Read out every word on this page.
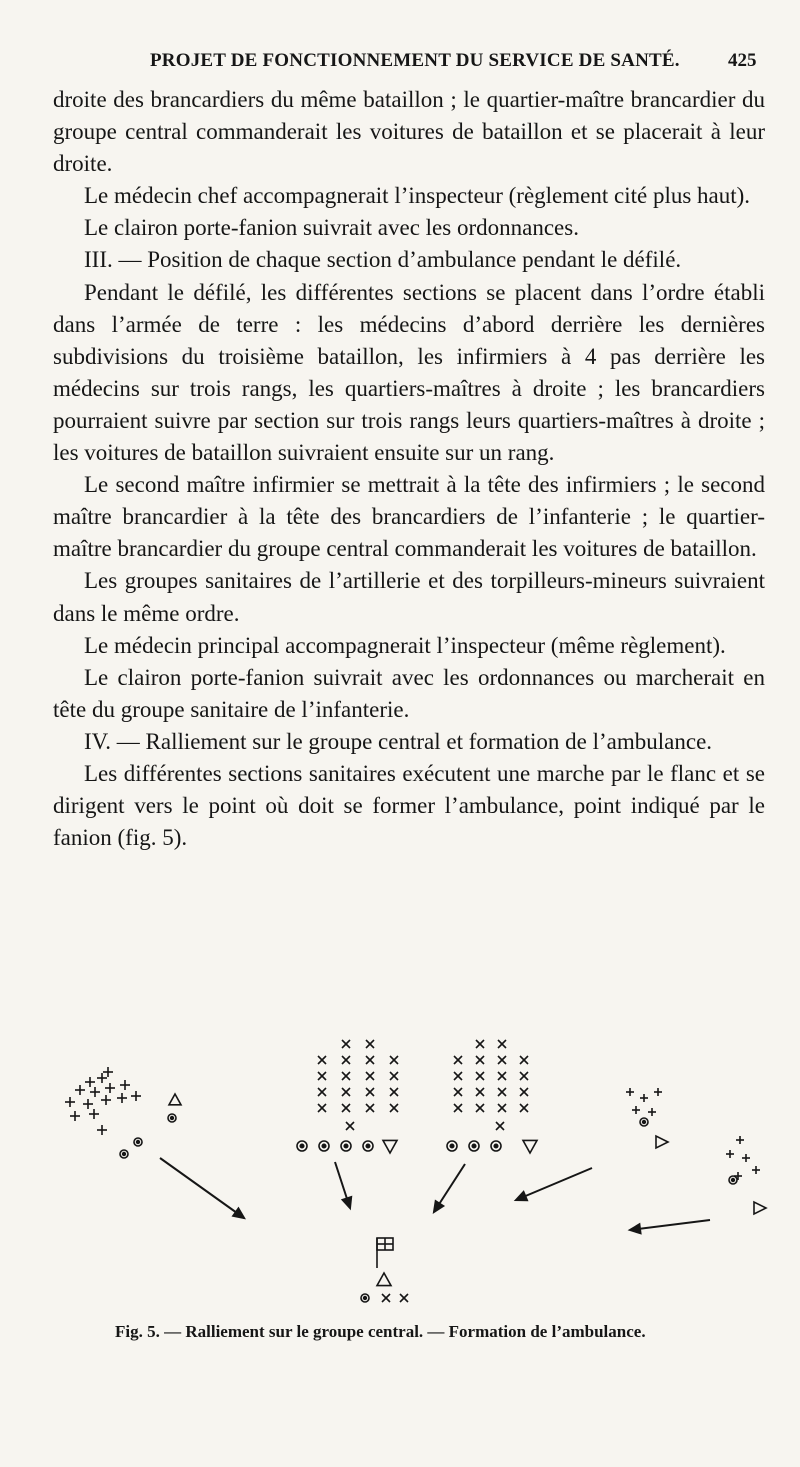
PROJET DE FONCTIONNEMENT DU SERVICE DE SANTÉ.	425

droite des brancardiers du même bataillon ; le quartier-maître brancardier du groupe central commanderait les voitures de bataillon et se placerait à leur droite.

Le médecin chef accompagnerait l’inspecteur (règlement cité plus haut).

Le clairon porte-fanion suivrait avec les ordonnances.

III. — Position de chaque section d’ambulance pendant le défilé.

Pendant le défilé, les différentes sections se placent dans l’ordre établi dans l’armée de terre : les médecins d’abord derrière les dernières subdivisions du troisième bataillon, les infirmiers à 4 pas derrière les médecins sur trois rangs, les quartiers-maîtres à droite ; les brancardiers pourraient suivre par section sur trois rangs leurs quartiers-maîtres à droite ; les voitures de bataillon suivraient ensuite sur un rang.

Le second maître infirmier se mettrait à la tête des infirmiers ; le second maître brancardier à la tête des brancardiers de l’infanterie ; le quartier-maître brancardier du groupe central commanderait les voitures de bataillon.

Les groupes sanitaires de l’artillerie et des torpilleurs-mineurs suivraient dans le même ordre.

Le médecin principal accompagnerait l’inspecteur (même règlement).

Le clairon porte-fanion suivrait avec les ordonnances ou marcherait en tête du groupe sanitaire de l’infanterie.

IV. — Ralliement sur le groupe central et formation de l’ambulance.

Les différentes sections sanitaires exécutent une marche par le flanc et se dirigent vers le point où doit se former l’ambulance, point indiqué par le fanion (fig. 5).

Fig. 5. — Ralliement sur le groupe central. — Formation de l’ambulance.
